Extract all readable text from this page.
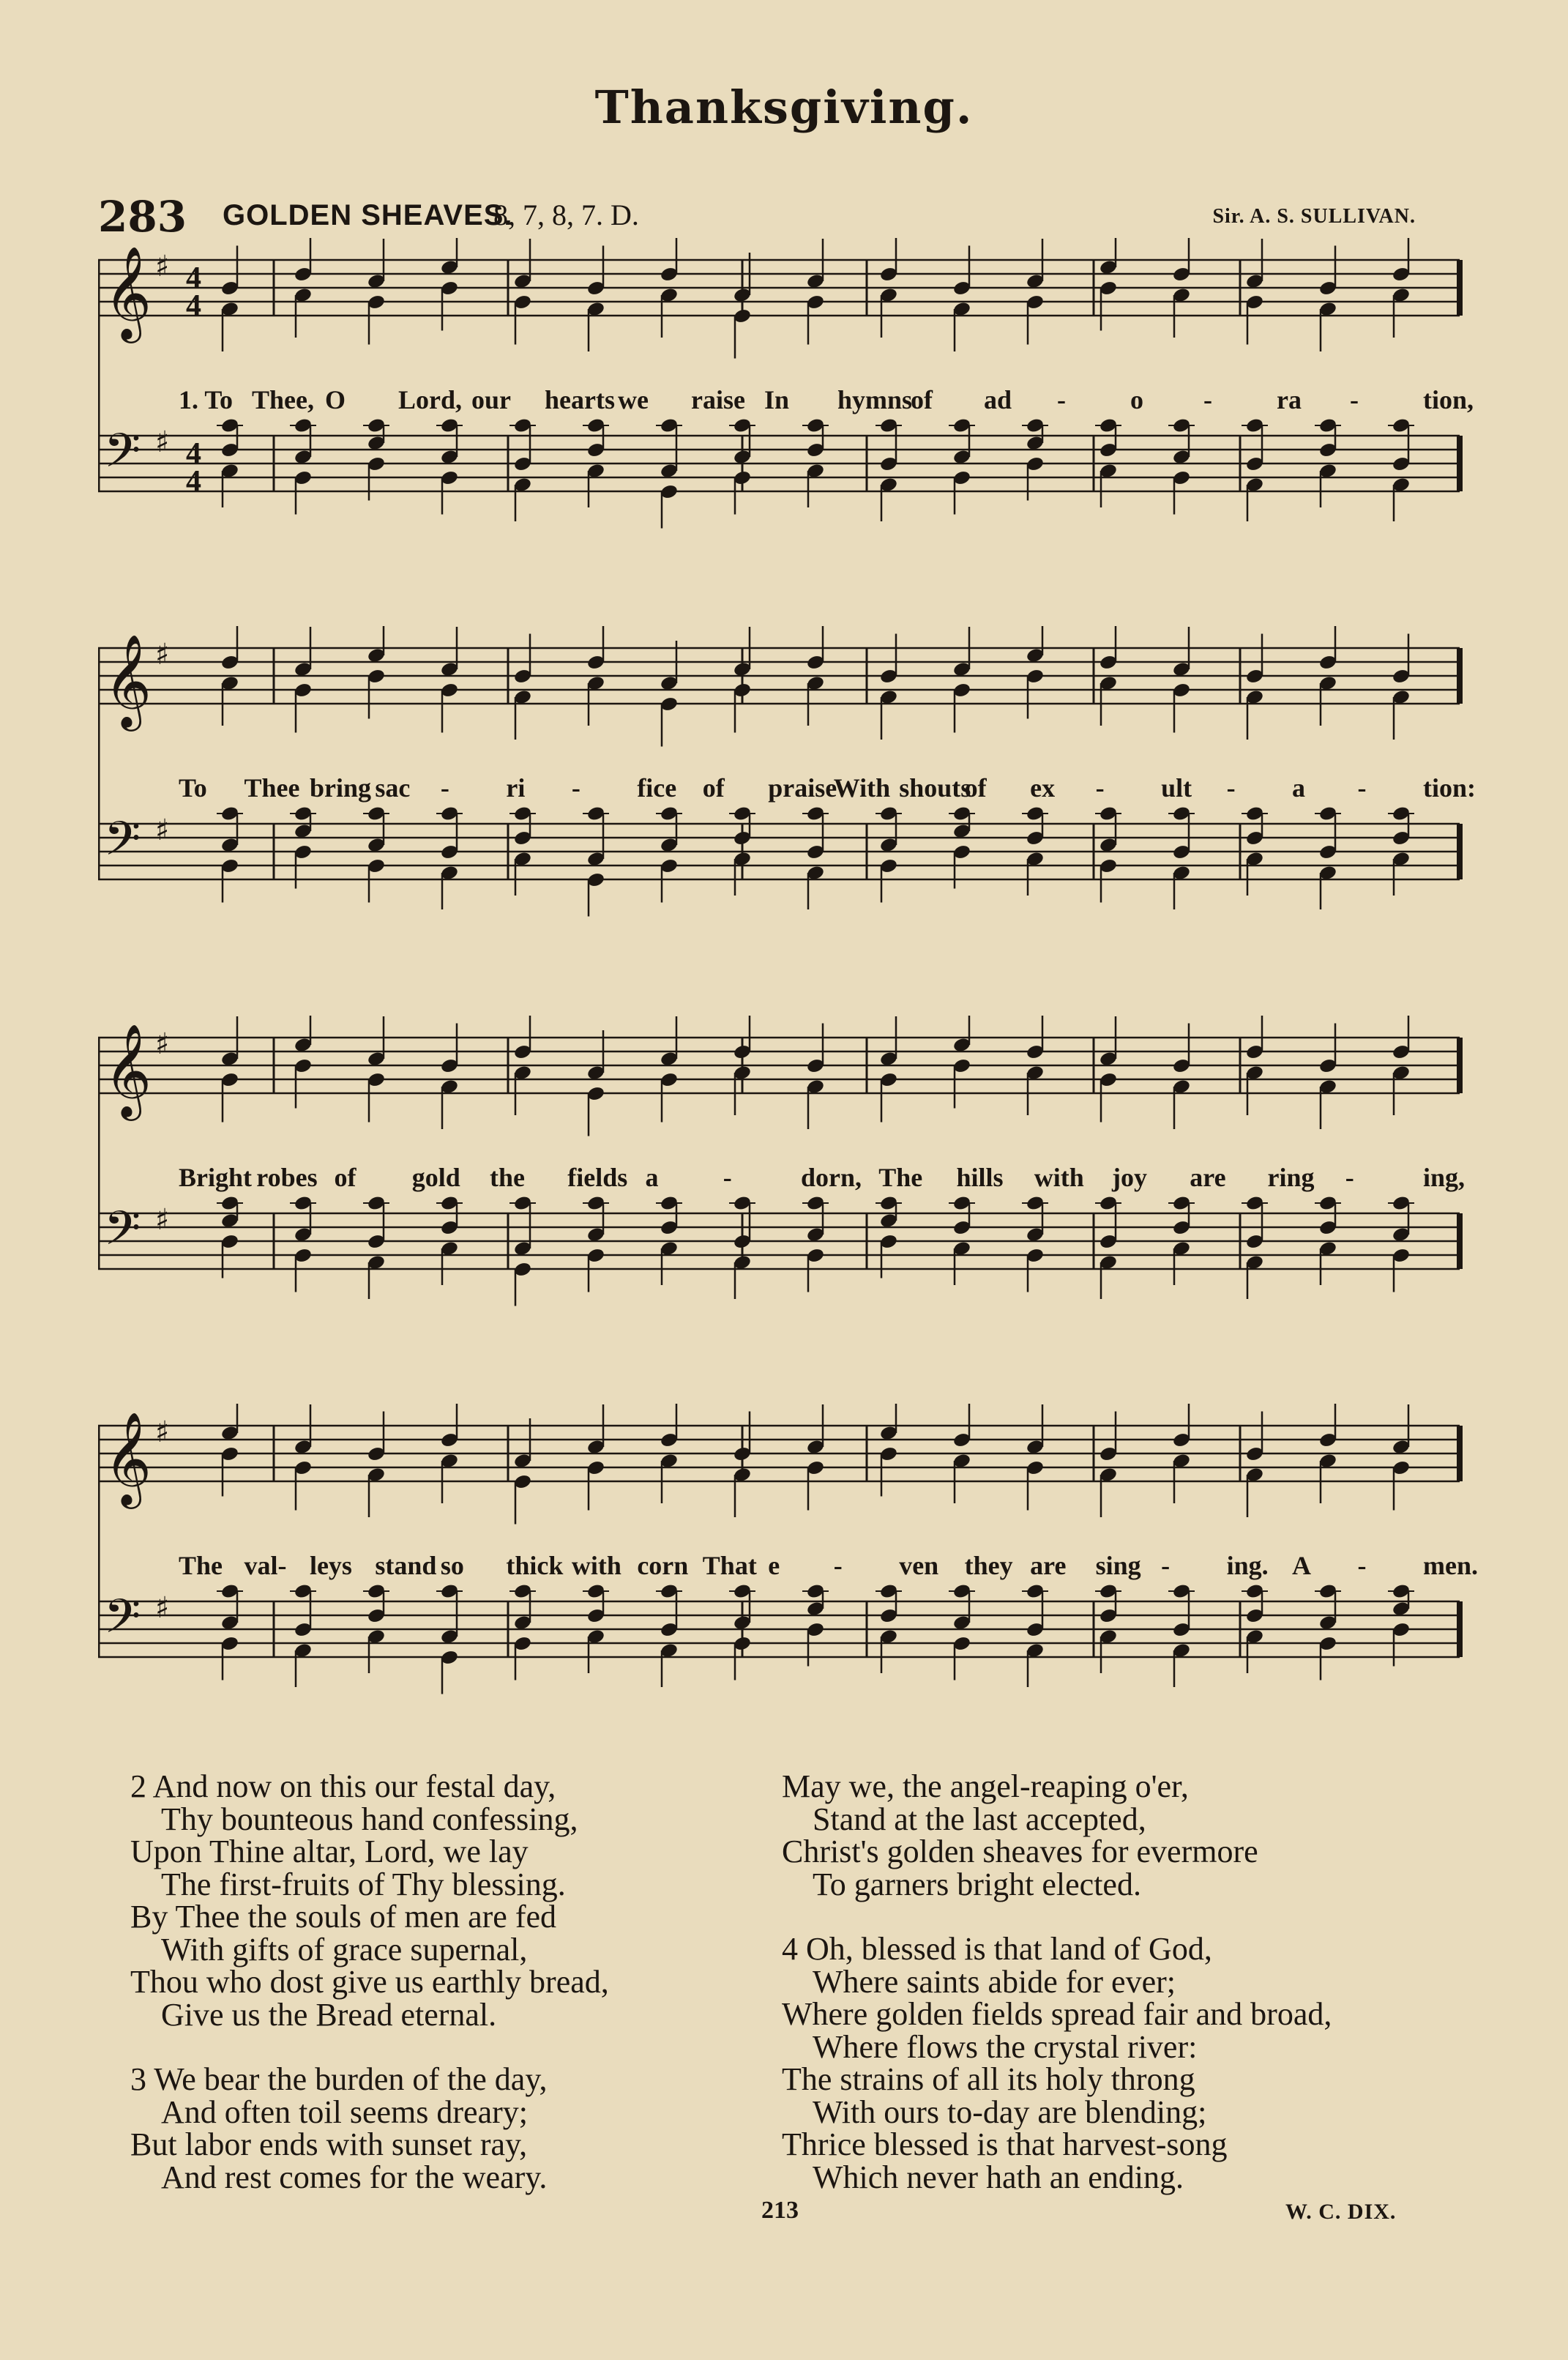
Thanksgiving.
283 GOLDEN SHEAVES.
8, 7, 8, 7. D.	Sir. A. S. SULLIVAN.
𝄞 ♯ 4
4
𝄢 ♯ 4
4
1. To Thee, O Lord, our hearts we raise In hymns
of ad - o - ra - tion,
𝄞 ♯
𝄢 ♯
To Thee bring sac - ri - fice of praise
With shouts
of ex - ult - a - tion:
𝄞 ♯
𝄢 ♯
Bright robes of gold the fields a -	dorn, The hills with joy are ring -	ing,
𝄞 ♯
𝄢 ♯
The val- leys stand so thick with corn That e - ven they are sing - ing. A - men.
2 And now on this our festal day,
Thy bounteous hand confessing,
Upon Thine altar, Lord, we lay
The first-fruits of Thy blessing.
By Thee the souls of men are fed
With gifts of grace supernal,
Thou who dost give us earthly bread,
Give us the Bread eternal.
3 We bear the burden of the day,
And often toil seems dreary;
But labor ends with sunset ray,
And rest comes for the weary.
May we, the angel-reaping o'er,
Stand at the last accepted,
Christ's golden sheaves for evermore
To garners bright elected.
4 Oh, blessed is that land of God,
Where saints abide for ever;
Where golden fields spread fair and broad,
Where flows the crystal river:
The strains of all its holy throng
With ours to-day are blending;
Thrice blessed is that harvest-song
Which never hath an ending.
213	W. C. DIX.
